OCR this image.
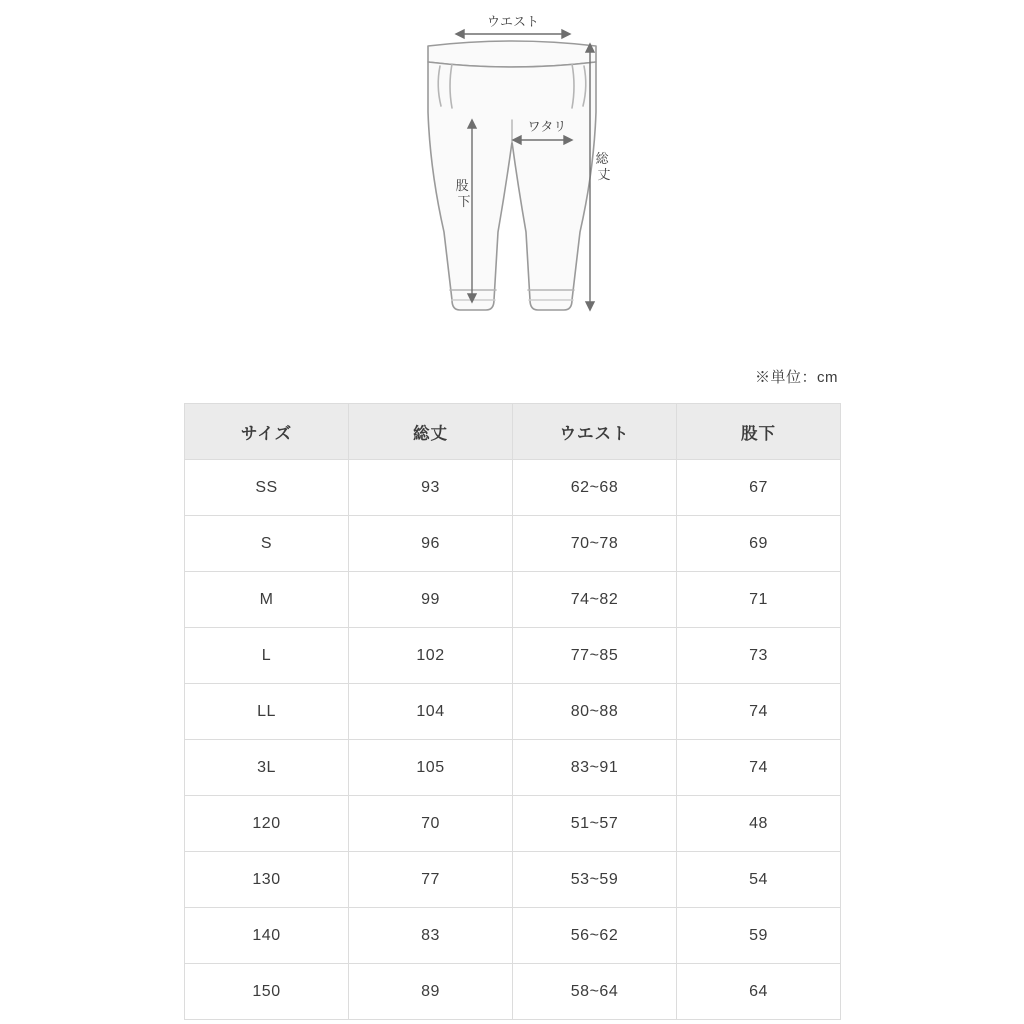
ウエスト
ワタリ
股 下
総 丈
※単位：cm
サイズ	総丈	ウエスト	股下
SS	93	62~68	67
S	96	70~78	69
M	99	74~82	71
L	102	77~85	73
LL	104	80~88	74
3L	105	83~91	74
120	70	51~57	48
130	77	53~59	54
140	83	56~62	59
150	89	58~64	64
